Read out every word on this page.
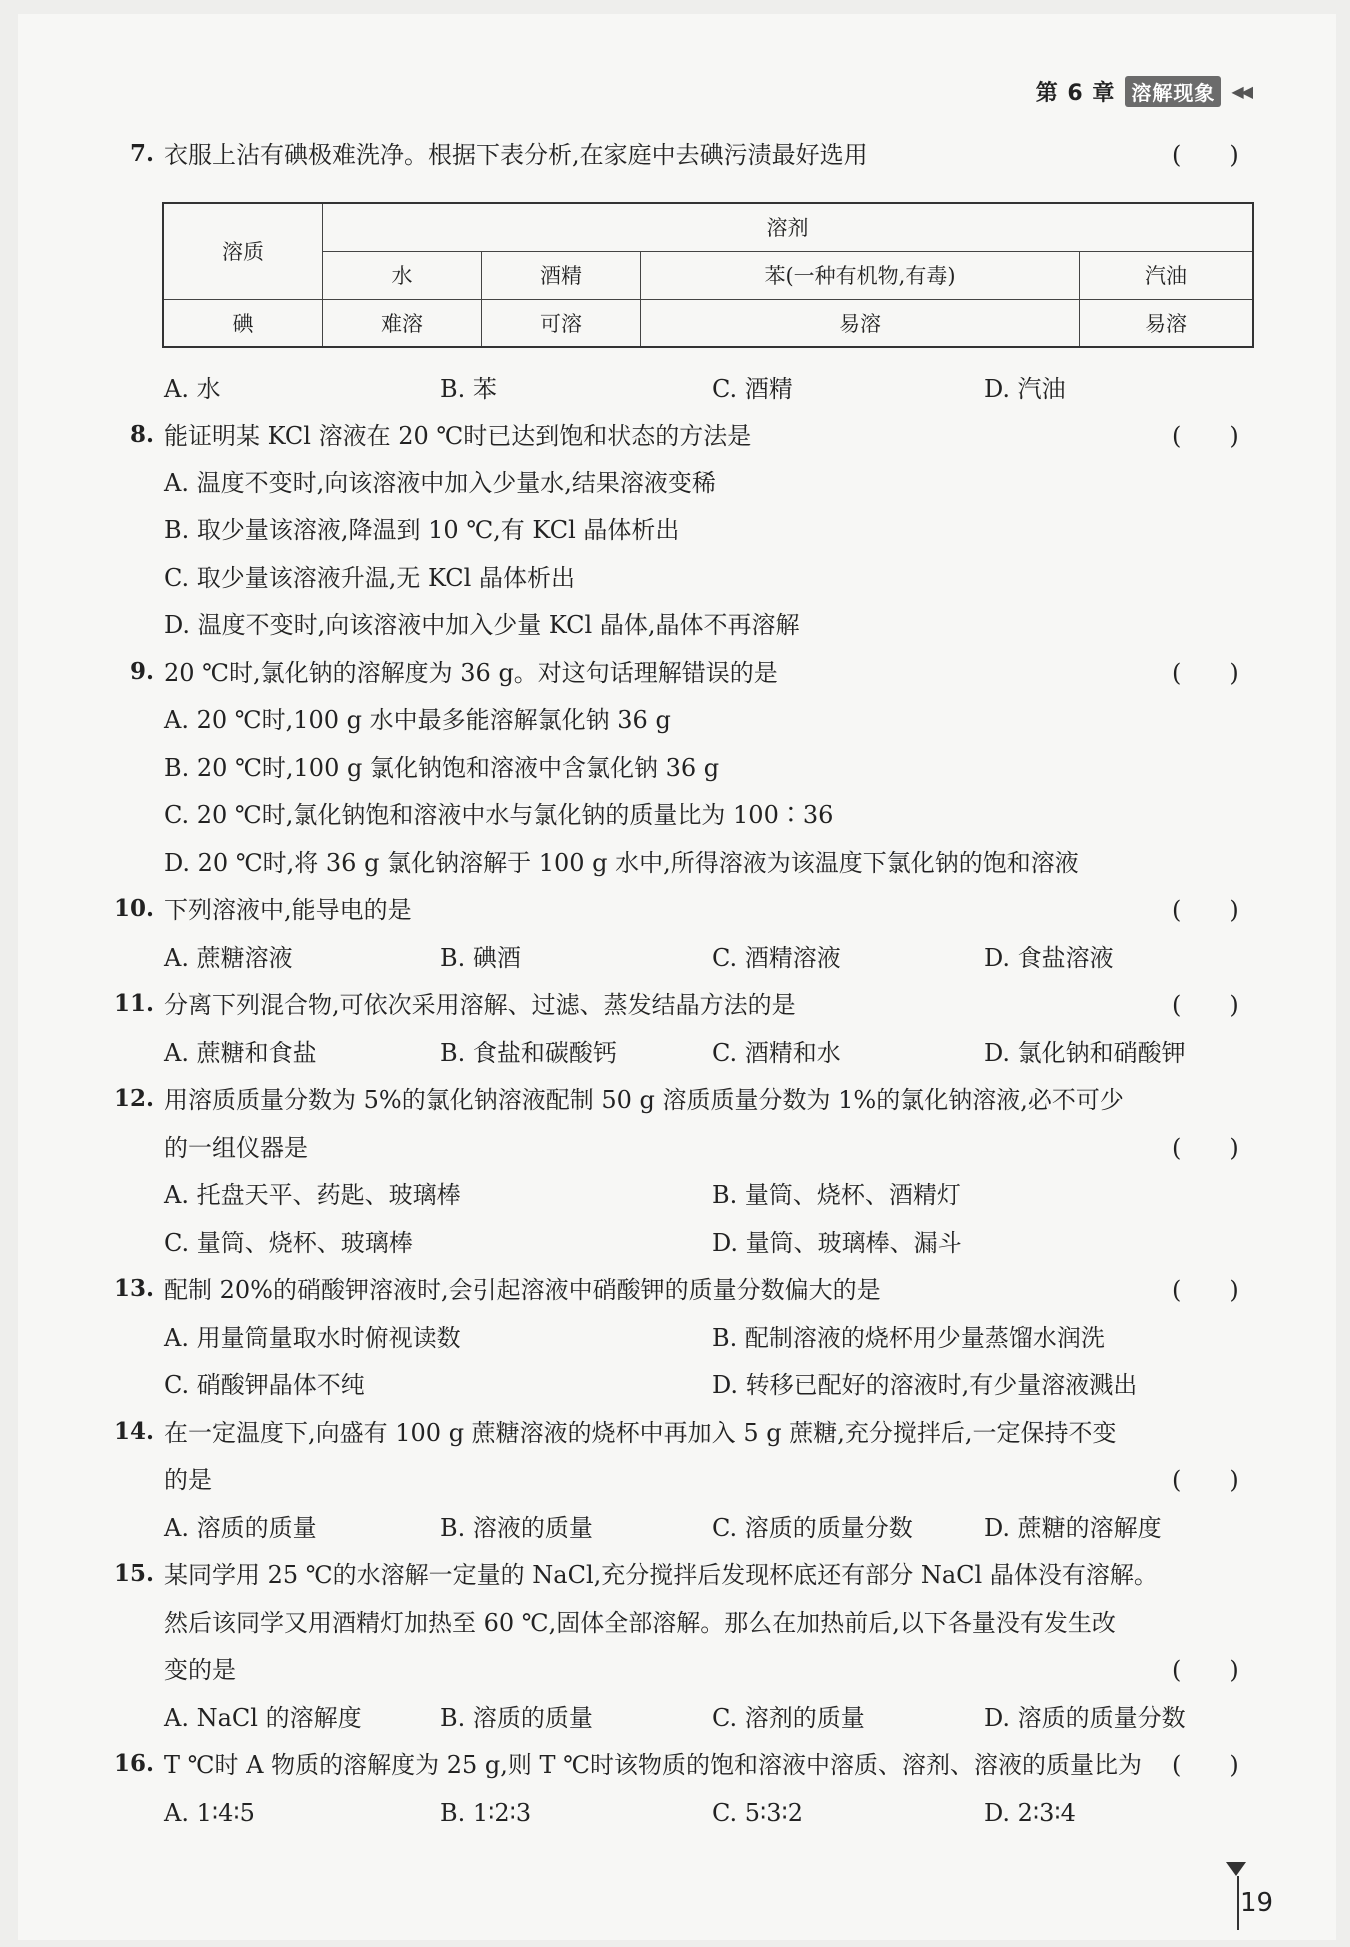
第 6 章 溶解现象	◀◀
7. 衣服上沾有碘极难洗净。根据下表分析,在家庭中去碘污渍最好选用	(　　)
溶质	溶剂			
	水	酒精	苯(一种有机物,有毒)	汽油
碘	难溶	可溶	易溶	易溶
A. 水	B. 苯	C. 酒精	D. 汽油
8. 能证明某 KCl 溶液在 20 ℃时已达到饱和状态的方法是	(　　)
A. 温度不变时,向该溶液中加入少量水,结果溶液变稀
B. 取少量该溶液,降温到 10 ℃,有 KCl 晶体析出
C. 取少量该溶液升温,无 KCl 晶体析出
D. 温度不变时,向该溶液中加入少量 KCl 晶体,晶体不再溶解
9. 20 ℃时,氯化钠的溶解度为 36 g。对这句话理解错误的是	(　　)
A. 20 ℃时,100 g 水中最多能溶解氯化钠 36 g
B. 20 ℃时,100 g 氯化钠饱和溶液中含氯化钠 36 g
C. 20 ℃时,氯化钠饱和溶液中水与氯化钠的质量比为 100∶36
D. 20 ℃时,将 36 g 氯化钠溶解于 100 g 水中,所得溶液为该温度下氯化钠的饱和溶液
10. 下列溶液中,能导电的是	(　　)
A. 蔗糖溶液	B. 碘酒	C. 酒精溶液	D. 食盐溶液
11. 分离下列混合物,可依次采用溶解、过滤、蒸发结晶方法的是	(　　)
A. 蔗糖和食盐	B. 食盐和碳酸钙	C. 酒精和水	D. 氯化钠和硝酸钾
12. 用溶质质量分数为 5%的氯化钠溶液配制 50 g 溶质质量分数为 1%的氯化钠溶液,必不可少
的一组仪器是	(　　)
A. 托盘天平、药匙、玻璃棒	B. 量筒、烧杯、酒精灯
C. 量筒、烧杯、玻璃棒	D. 量筒、玻璃棒、漏斗
13. 配制 20%的硝酸钾溶液时,会引起溶液中硝酸钾的质量分数偏大的是	(　　)
A. 用量筒量取水时俯视读数	B. 配制溶液的烧杯用少量蒸馏水润洗
C. 硝酸钾晶体不纯	D. 转移已配好的溶液时,有少量溶液溅出
14. 在一定温度下,向盛有 100 g 蔗糖溶液的烧杯中再加入 5 g 蔗糖,充分搅拌后,一定保持不变
的是	(　　)
A. 溶质的质量	B. 溶液的质量	C. 溶质的质量分数	D. 蔗糖的溶解度
15. 某同学用 25 ℃的水溶解一定量的 NaCl,充分搅拌后发现杯底还有部分 NaCl 晶体没有溶解。
然后该同学又用酒精灯加热至 60 ℃,固体全部溶解。那么在加热前后,以下各量没有发生改
变的是	(　　)
A. NaCl 的溶解度	B. 溶质的质量	C. 溶剂的质量	D. 溶质的质量分数
16. T ℃时 A 物质的溶解度为 25 g,则 T ℃时该物质的饱和溶液中溶质、溶剂、溶液的质量比为 (　　)
A. 1∶4∶5	B. 1∶2∶3	C. 5∶3∶2	D. 2∶3∶4
19
